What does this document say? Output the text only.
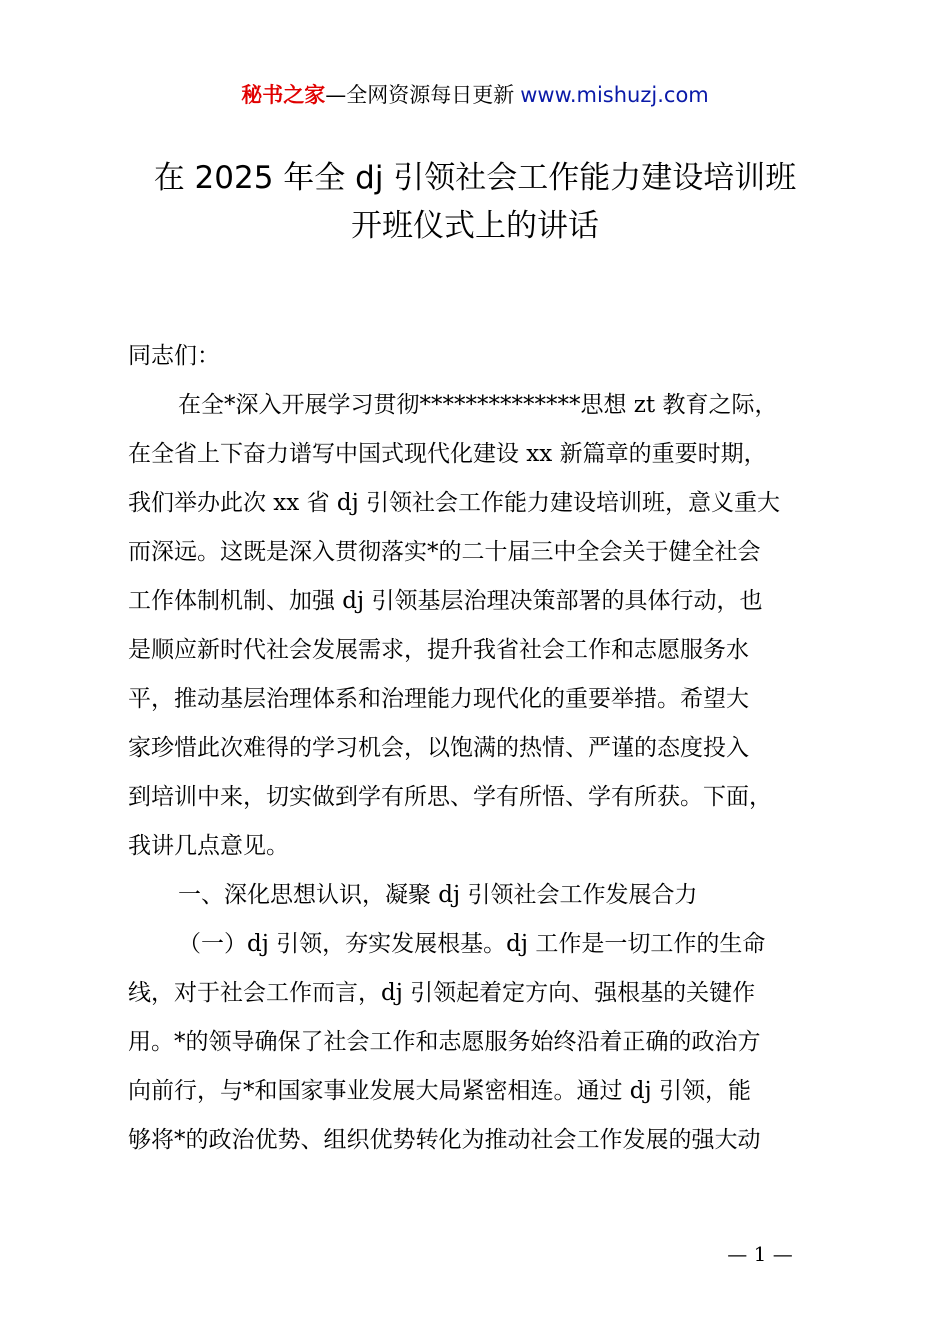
秘书之家—全网资源每日更新 www.mishuzj.com
在 2025 年全 dj 引领社会工作能力建设培训班
开班仪式上的讲话
同志们：
在全*深入开展学习贯彻**************思想 zt 教育之际，
在全省上下奋力谱写中国式现代化建设 xx 新篇章的重要时期，
我们举办此次 xx 省 dj 引领社会工作能力建设培训班，意义重大
而深远。这既是深入贯彻落实*的二十届三中全会关于健全社会
工作体制机制、加强 dj 引领基层治理决策部署的具体行动，也
是顺应新时代社会发展需求，提升我省社会工作和志愿服务水
平，推动基层治理体系和治理能力现代化的重要举措。希望大
家珍惜此次难得的学习机会，以饱满的热情、严谨的态度投入
到培训中来，切实做到学有所思、学有所悟、学有所获。下面，
我讲几点意见。
一、深化思想认识，凝聚 dj 引领社会工作发展合力
（一）dj 引领，夯实发展根基。dj 工作是一切工作的生命
线，对于社会工作而言，dj 引领起着定方向、强根基的关键作
用。*的领导确保了社会工作和志愿服务始终沿着正确的政治方
向前行，与*和国家事业发展大局紧密相连。通过 dj 引领，能
够将*的政治优势、组织优势转化为推动社会工作发展的强大动
— 1 —
